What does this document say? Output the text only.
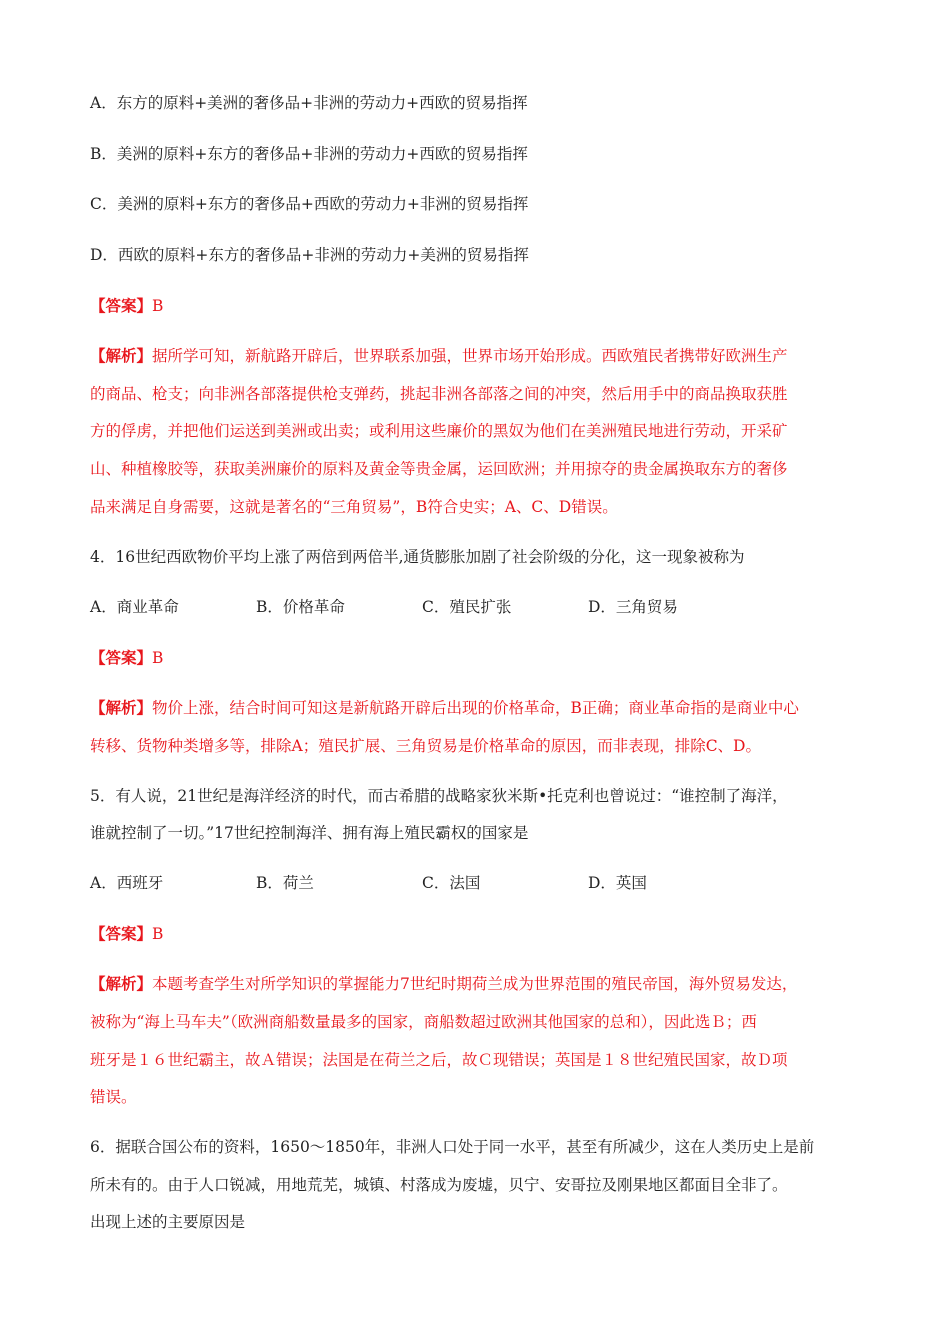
A．东方的原料+美洲的奢侈品+非洲的劳动力+西欧的贸易指挥
B．美洲的原料+东方的奢侈品+非洲的劳动力+西欧的贸易指挥
C．美洲的原料+东方的奢侈品+西欧的劳动力+非洲的贸易指挥
D．西欧的原料+东方的奢侈品+非洲的劳动力+美洲的贸易指挥
【答案】B
【解析】据所学可知，新航路开辟后，世界联系加强，世界市场开始形成。西欧殖民者携带好欧洲生产
的商品、枪支；向非洲各部落提供枪支弹药，挑起非洲各部落之间的冲突，然后用手中的商品换取获胜
方的俘虏，并把他们运送到美洲或出卖；或利用这些廉价的黑奴为他们在美洲殖民地进行劳动，开采矿
山、种植橡胶等，获取美洲廉价的原料及黄金等贵金属，运回欧洲；并用掠夺的贵金属换取东方的奢侈
品来满足自身需要，这就是著名的“三角贸易”，B符合史实；A、C、D错误。
4．16世纪西欧物价平均上涨了两倍到两倍半,通货膨胀加剧了社会阶级的分化，这一现象被称为
A．商业革命	B．价格革命	C．殖民扩张	D．三角贸易
【答案】B
【解析】物价上涨，结合时间可知这是新航路开辟后出现的价格革命，B正确；商业革命指的是商业中心
转移、货物种类增多等，排除A；殖民扩展、三角贸易是价格革命的原因，而非表现，排除C、D。
5．有人说，21世纪是海洋经济的时代，而古希腊的战略家狄米斯•托克利也曾说过：“谁控制了海洋，
谁就控制了一切。”17世纪控制海洋、拥有海上殖民霸权的国家是
A．西班牙	B．荷兰	C．法国	D．英国
【答案】B
【解析】本题考查学生对所学知识的掌握能力7世纪时期荷兰成为世界范围的殖民帝国，海外贸易发达，
被称为“海上马车夫”（欧洲商船数量最多的国家，商船数超过欧洲其他国家的总和），因此选Ｂ；西
班牙是１６世纪霸主，故Ａ错误；法国是在荷兰之后，故Ｃ现错误；英国是１８世纪殖民国家，故Ｄ项
错误。
6．据联合国公布的资料，1650～1850年，非洲人口处于同一水平，甚至有所减少，这在人类历史上是前
所未有的。由于人口锐减，用地荒芜，城镇、村落成为废墟，贝宁、安哥拉及刚果地区都面目全非了。
出现上述的主要原因是
